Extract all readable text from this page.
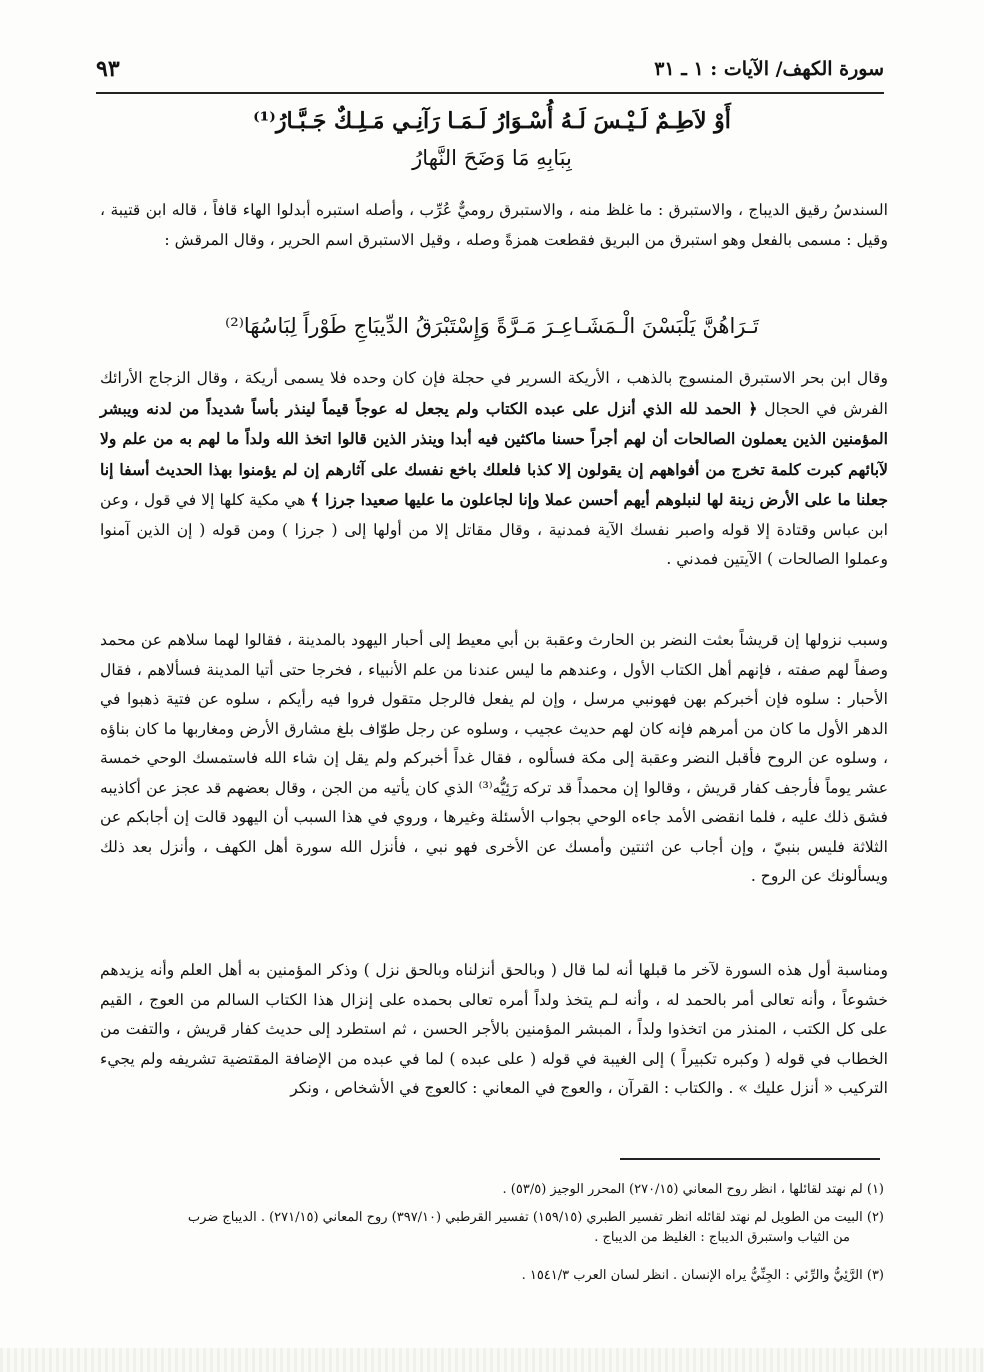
سورة الكهف/ الآيات : ١ ـ ٣١
٩٣
أَوْ لاَطِـمٌ لَـيْـسَ لَـهُ أُسْـوَارُ لَـمَـا رَآنِـي مَـلِـكٌ جَـبَّـارُ⁽¹⁾
بِبَابِهِ مَا وَضَحَ النَّهارُ
السندسُ رقيق الديباج ، والاستبرق : ما غلظ منه ، والاستبرق روميٌّ عُرِّب ، وأصله استبره أبدلوا الهاء قافاً ، قاله ابن قتيبة ، وقيل : مسمى بالفعل وهو استبرق من البريق فقطعت همزةً وصله ، وقيل الاستبرق اسم الحرير ، وقال المرقش :
تَـرَاهُنَّ يَلْبَسْنَ الْـمَشَـاعِـرَ مَـرَّةً وَإِسْتَبْرَقُ الدِّيبَاجِ طَوْراً لِبَاسُهَا⁽²⁾
وقال ابن بحر الاستبرق المنسوج بالذهب ، الأريكة السرير في حجلة فإن كان وحده فلا يسمى أريكة ، وقال الزجاج الأرائك الفرش في الحجال ﴿ الحمد لله الذي أنزل على عبده الكتاب ولم يجعل له عوجاً قيماً لينذر بأساً شديداً من لدنه ويبشر المؤمنين الذين يعملون الصالحات أن لهم أجراً حسنا ماكثين فيه أبدا وينذر الذين قالوا اتخذ الله ولداً ما لهم به من علم ولا لآبائهم كبرت كلمة تخرج من أفواههم إن يقولون إلا كذبا فلعلك باخع نفسك على آثارهم إن لم يؤمنوا بهذا الحديث أسفا إنا جعلنا ما على الأرض زينة لها لنبلوهم أيهم أحسن عملا وإنا لجاعلون ما عليها صعيدا جرزا ﴾ هي مكية كلها إلا في قول ، وعن ابن عباس وقتادة إلا قوله واصبر نفسك الآية فمدنية ، وقال مقاتل إلا من أولها إلى ( جرزا ) ومن قوله ( إن الذين آمنوا وعملوا الصالحات ) الآيتين فمدني .
وسبب نزولها إن قريشاً بعثت النضر بن الحارث وعقبة بن أبي معيط إلى أحبار اليهود بالمدينة ، فقالوا لهما سلاهم عن محمد وصفاً لهم صفته ، فإنهم أهل الكتاب الأول ، وعندهم ما ليس عندنا من علم الأنبياء ، فخرجا حتى أتيا المدينة فسألاهم ، فقال الأحبار : سلوه فإن أخبركم بهن فهونبي مرسل ، وإن لم يفعل فالرجل متقول فروا فيه رأيكم ، سلوه عن فتية ذهبوا في الدهر الأول ما كان من أمرهم فإنه كان لهم حديث عجيب ، وسلوه عن رجل طوّاف بلغ مشارق الأرض ومغاربها ما كان بناؤه ، وسلوه عن الروح فأقبل النضر وعقبة إلى مكة فسألوه ، فقال غداً أخبركم ولم يقل إن شاء الله فاستمسك الوحي خمسة عشر يوماً فأرجف كفار قريش ، وقالوا إن محمداً قد تركه رَئِيُّه⁽³⁾ الذي كان يأتيه من الجن ، وقال بعضهم قد عجز عن أكاذيبه فشق ذلك عليه ، فلما انقضى الأمد جاءه الوحي بجواب الأسئلة وغيرها ، وروي في هذا السبب أن اليهود قالت إن أجابكم عن الثلاثة فليس بنبيّ ، وإن أجاب عن اثنتين وأمسك عن الأخرى فهو نبي ، فأنزل الله سورة أهل الكهف ، وأنزل بعد ذلك ويسألونك عن الروح .
ومناسبة أول هذه السورة لآخر ما قبلها أنه لما قال ( وبالحق أنزلناه وبالحق نزل ) وذكر المؤمنين به أهل العلم وأنه يزيدهم خشوعاً ، وأنه تعالى أمر بالحمد له ، وأنه لـم يتخذ ولداً أمره تعالى بحمده على إنزال هذا الكتاب السالم من العوج ، القيم على كل الكتب ، المنذر من اتخذوا ولداً ، المبشر المؤمنين بالأجر الحسن ، ثم استطرد إلى حديث كفار قريش ، والتفت من الخطاب في قوله ( وكبره تكبيراً ) إلى الغيبة في قوله ( على عبده ) لما في عبده من الإضافة المقتضية تشريفه ولم يجيء التركيب « أنزل عليك » . والكتاب : القرآن ، والعوج في المعاني : كالعوج في الأشخاص ، ونكر
(١) لم نهتد لقائلها ، انظر روح المعاني (٢٧٠/١٥) المحرر الوجيز (٥٣/٥) .
(٢) البيت من الطويل لم نهتد لقائله انظر تفسير الطبري (١٥٩/١٥) تفسير القرطبي (٣٩٧/١٠) روح المعاني (٢٧١/١٥) . الديباج ضرب
من الثياب واستبرق الديباج : الغليظ من الديباج .
(٣) الرَّئِيُّ والرِّئي : الجِنِّيُّ يراه الإنسان . انظر لسان العرب ١٥٤١/٣ .
